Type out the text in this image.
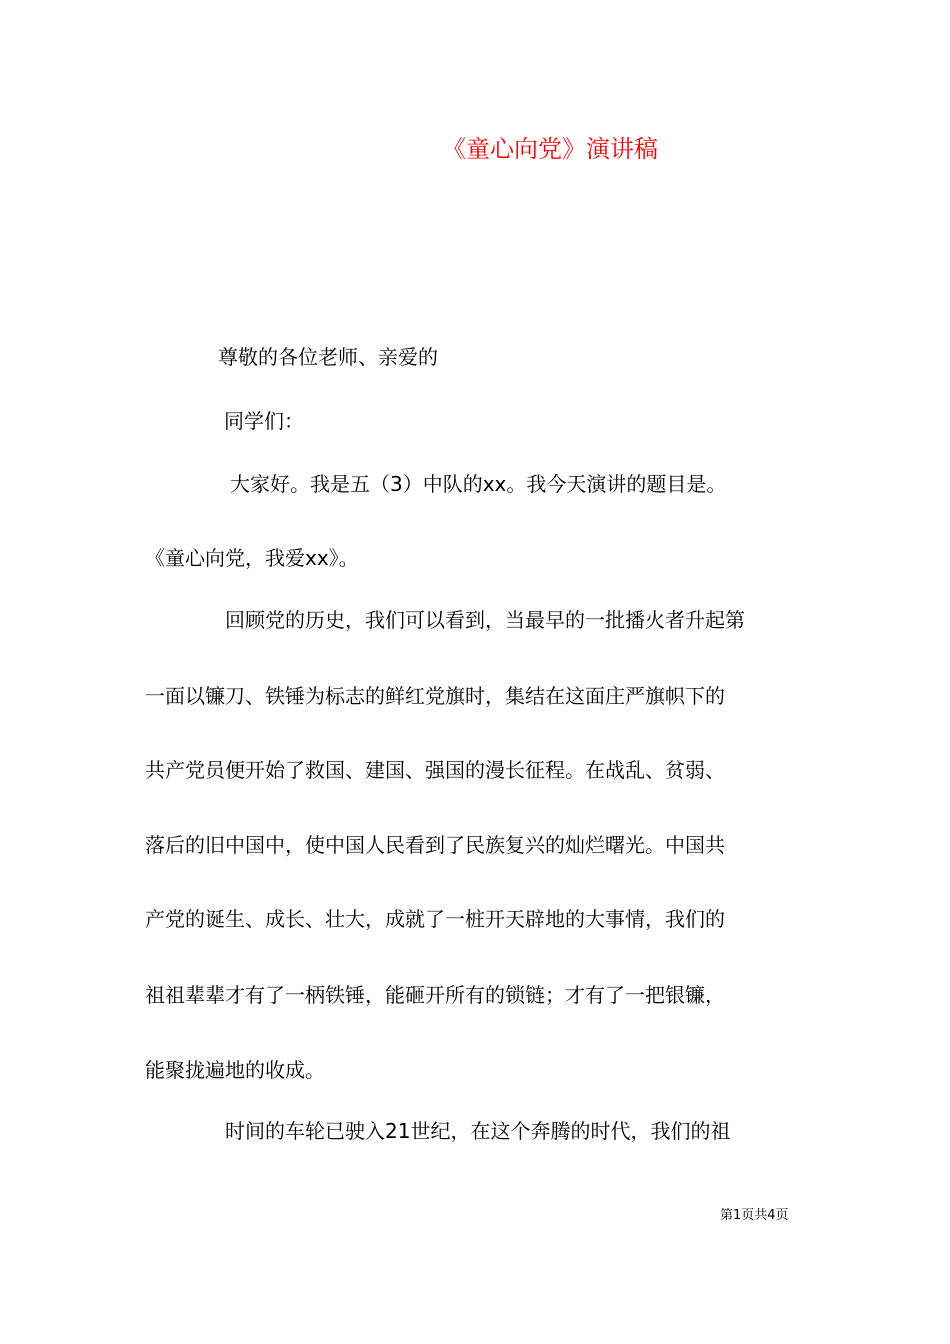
《童心向党》演讲稿
尊敬的各位老师、亲爱的
同学们：
大家好。我是五（3）中队的xx。我今天演讲的题目是。
《童心向党，我爱xx》。
回顾党的历史，我们可以看到，当最早的一批播火者升起第
一面以镰刀、铁锤为标志的鲜红党旗时，集结在这面庄严旗帜下的
共产党员便开始了救国、建国、强国的漫长征程。在战乱、贫弱、
落后的旧中国中，使中国人民看到了民族复兴的灿烂曙光。中国共
产党的诞生、成长、壮大，成就了一桩开天辟地的大事情，我们的
祖祖辈辈才有了一柄铁锤，能砸开所有的锁链；才有了一把银镰，
能聚拢遍地的收成。
时间的车轮已驶入21世纪，在这个奔腾的时代，我们的祖
第1页共4页
